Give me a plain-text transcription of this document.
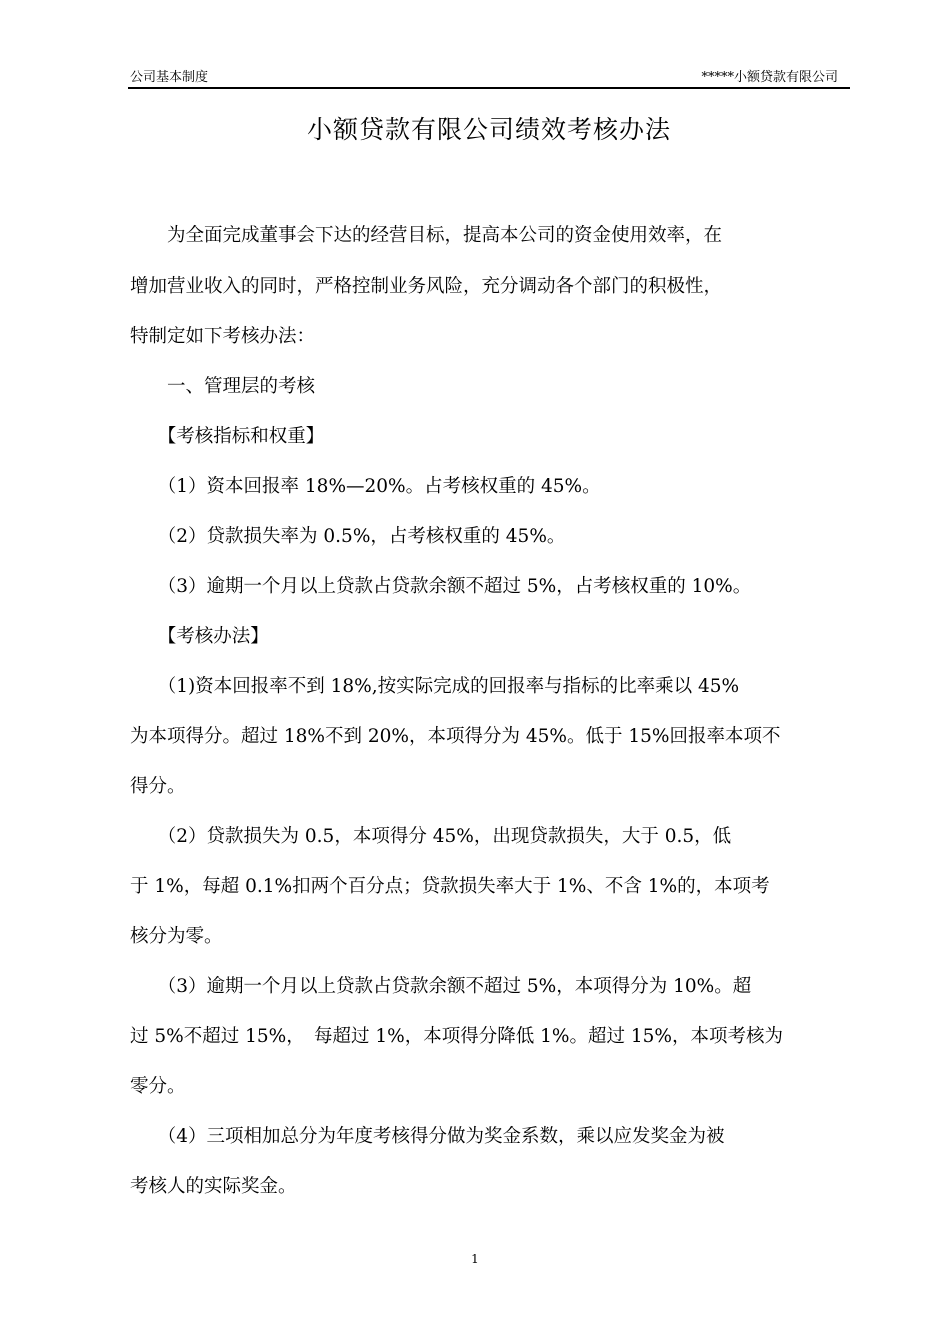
公司基本制度	*****小额贷款有限公司
小额贷款有限公司绩效考核办法
　　为全面完成董事会下达的经营目标，提高本公司的资金使用效率，在
增加营业收入的同时，严格控制业务风险，充分调动各个部门的积极性，
特制定如下考核办法：
　　一、管理层的考核
　　【考核指标和权重】
　　（1）资本回报率 18%—20%。占考核权重的 45%。
　　（2）贷款损失率为 0.5%，占考核权重的 45%。
　　（3）逾期一个月以上贷款占贷款余额不超过 5%，占考核权重的 10%。
　　【考核办法】
　　（1)资本回报率不到 18%,按实际完成的回报率与指标的比率乘以 45%
为本项得分。超过 18%不到 20%，本项得分为 45%。低于 15%回报率本项不
得分。
　　（2）贷款损失为 0.5，本项得分 45%，出现贷款损失，大于 0.5，低
于 1%，每超 0.1%扣两个百分点；贷款损失率大于 1%、不含 1%的，本项考
核分为零。
　　（3）逾期一个月以上贷款占贷款余额不超过 5%，本项得分为 10%。超
过 5%不超过 15%，　每超过 1%，本项得分降低 1%。超过 15%，本项考核为
零分。
　　（4）三项相加总分为年度考核得分做为奖金系数，乘以应发奖金为被
考核人的实际奖金。
1
